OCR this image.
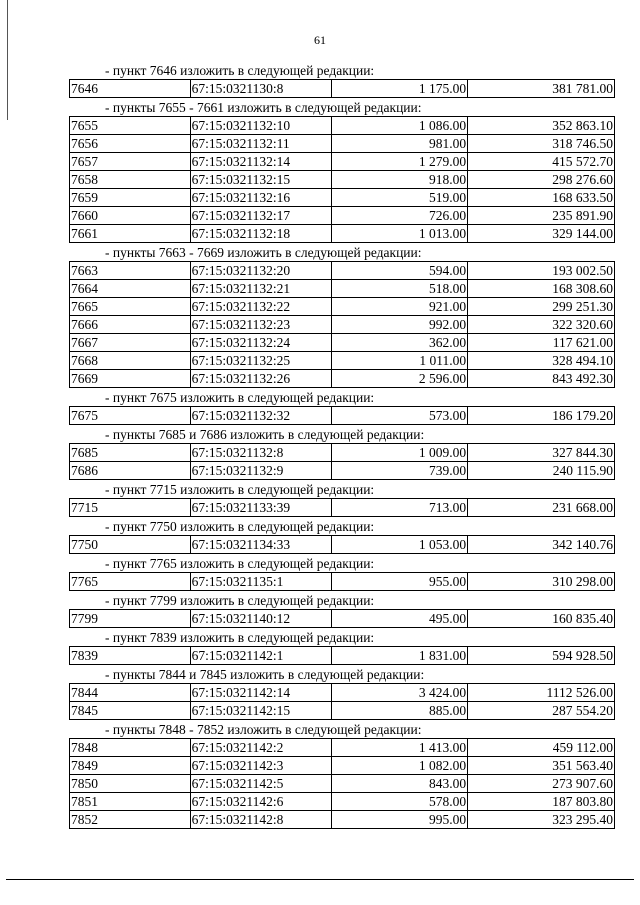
61
- пункт 7646 изложить в следующей редакции:
7646	67:15:0321130:8	1 175.00	381 781.00
- пункты 7655 - 7661 изложить в следующей редакции:
7655	67:15:0321132:10	1 086.00	352 863.10
7656	67:15:0321132:11	981.00	318 746.50
7657	67:15:0321132:14	1 279.00	415 572.70
7658	67:15:0321132:15	918.00	298 276.60
7659	67:15:0321132:16	519.00	168 633.50
7660	67:15:0321132:17	726.00	235 891.90
7661	67:15:0321132:18	1 013.00	329 144.00
- пункты 7663 - 7669 изложить в следующей редакции:
7663	67:15:0321132:20	594.00	193 002.50
7664	67:15:0321132:21	518.00	168 308.60
7665	67:15:0321132:22	921.00	299 251.30
7666	67:15:0321132:23	992.00	322 320.60
7667	67:15:0321132:24	362.00	117 621.00
7668	67:15:0321132:25	1 011.00	328 494.10
7669	67:15:0321132:26	2 596.00	843 492.30
- пункт 7675 изложить в следующей редакции:
7675	67:15:0321132:32	573.00	186 179.20
- пункты 7685 и 7686 изложить в следующей редакции:
7685	67:15:0321132:8	1 009.00	327 844.30
7686	67:15:0321132:9	739.00	240 115.90
- пункт 7715 изложить в следующей редакции:
7715	67:15:0321133:39	713.00	231 668.00
- пункт 7750 изложить в следующей редакции:
7750	67:15:0321134:33	1 053.00	342 140.76
- пункт 7765 изложить в следующей редакции:
7765	67:15:0321135:1	955.00	310 298.00
- пункт 7799 изложить в следующей редакции:
7799	67:15:0321140:12	495.00	160 835.40
- пункт 7839 изложить в следующей редакции:
7839	67:15:0321142:1	1 831.00	594 928.50
- пункты 7844 и 7845 изложить в следующей редакции:
7844	67:15:0321142:14	3 424.00	1112 526.00
7845	67:15:0321142:15	885.00	287 554.20
- пункты 7848 - 7852 изложить в следующей редакции:
7848	67:15:0321142:2	1 413.00	459 112.00
7849	67:15:0321142:3	1 082.00	351 563.40
7850	67:15:0321142:5	843.00	273 907.60
7851	67:15:0321142:6	578.00	187 803.80
7852	67:15:0321142:8	995.00	323 295.40
